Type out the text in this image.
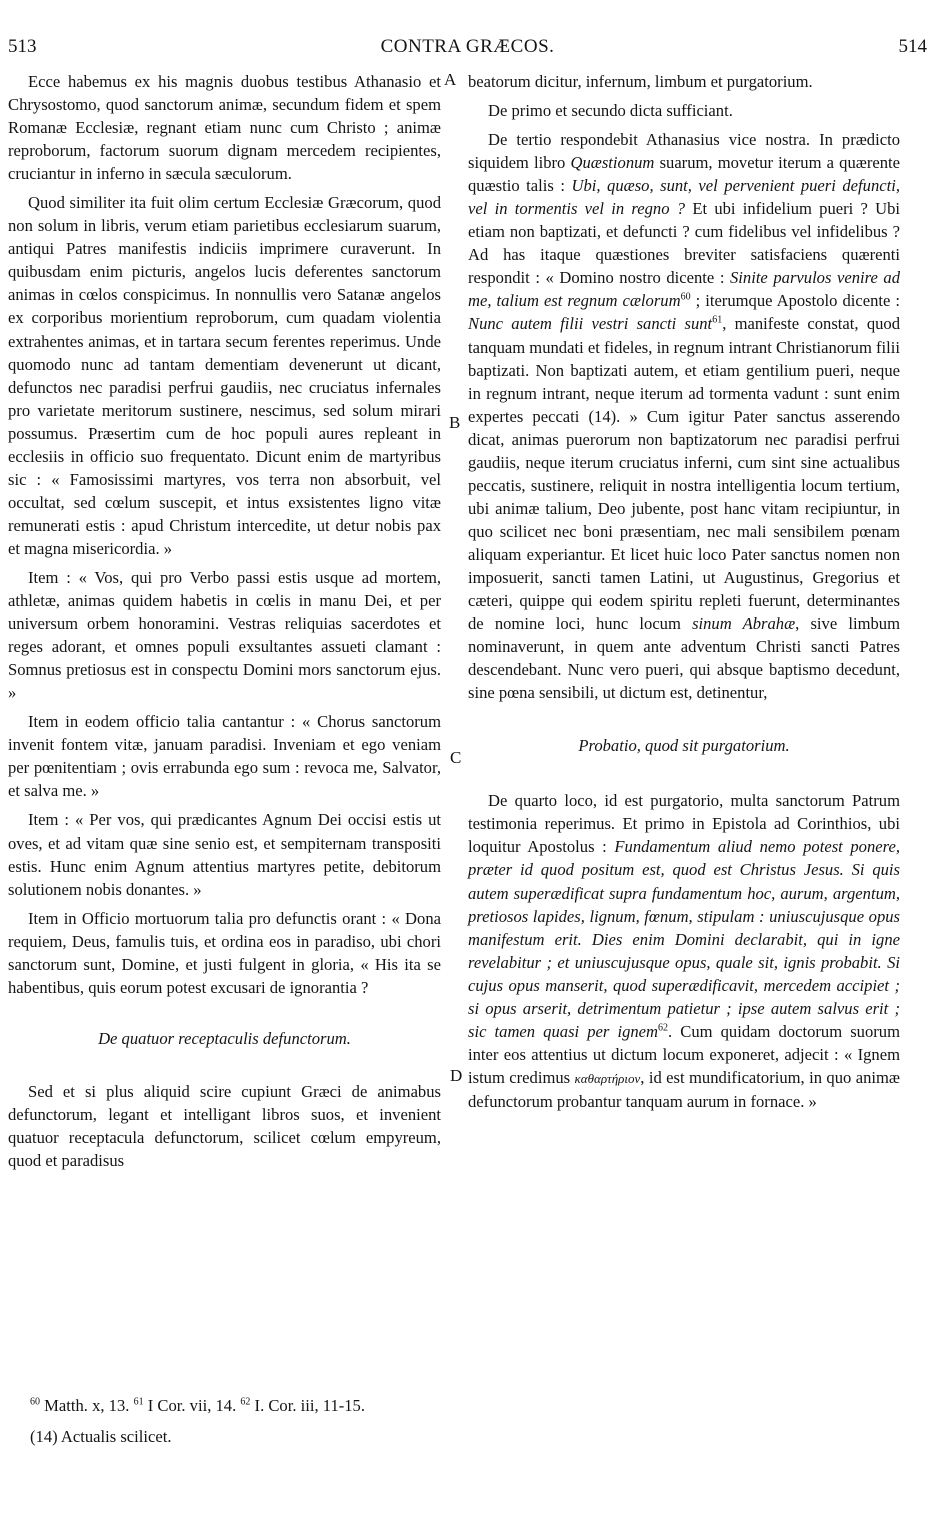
513	CONTRA GRÆCOS.	514

Ecce habemus ex his magnis duobus testibus Athanasio et Chrysostomo, quod sanctorum animæ, secundum fidem et spem Romanæ Ecclesiæ, regnant etiam nunc cum Christo ; animæ reproborum, factorum suorum dignam mercedem recipientes, cruciantur in inferno in sæcula sæculorum.

Quod similiter ita fuit olim certum Ecclesiæ Græcorum, quod non solum in libris, verum etiam parietibus ecclesiarum suarum, antiqui Patres manifestis indiciis imprimere curaverunt. In quibusdam enim picturis, angelos lucis deferentes sanctorum animas in cœlos conspicimus. In nonnullis vero Satanæ angelos ex corporibus morientium reproborum, cum quadam violentia extrahentes animas, et in tartara secum ferentes reperimus. Unde quomodo nunc ad tantam dementiam devenerunt ut dicant, defunctos nec paradisi perfrui gaudiis, nec cruciatus infernales pro varietate meritorum sustinere, nescimus, sed solum mirari possumus. Præsertim cum de hoc populi aures repleant in ecclesiis in officio suo frequentato. Dicunt enim de martyribus sic : « Famosissimi martyres, vos terra non absorbuit, vel occultat, sed cœlum suscepit, et intus exsistentes ligno vitæ remunerati estis : apud Christum intercedite, ut detur nobis pax et magna misericordia. »

Item : « Vos, qui pro Verbo passi estis usque ad mortem, athletæ, animas quidem habetis in cœlis in manu Dei, et per universum orbem honoramini. Vestras reliquias sacerdotes et reges adorant, et omnes populi exsultantes assueti clamant : Somnus pretiosus est in conspectu Domini mors sanctorum ejus. »

Item in eodem officio talia cantantur : « Chorus sanctorum invenit fontem vitæ, januam paradisi. Inveniam et ego veniam per pœnitentiam ; ovis errabunda ego sum : revoca me, Salvator, et salva me. »

Item : « Per vos, qui prædicantes Agnum Dei occisi estis ut oves, et ad vitam quæ sine senio est, et sempiternam transpositi estis. Hunc enim Agnum attentius martyres petite, debitorum solutionem nobis donantes. »

Item in Officio mortuorum talia pro defunctis orant : « Dona requiem, Deus, famulis tuis, et ordina eos in paradiso, ubi chori sanctorum sunt, Domine, et justi fulgent in gloria, « His ita se habentibus, quis eorum potest excusari de ignorantia ?

De quatuor receptaculis defunctorum.

Sed et si plus aliquid scire cupiunt Græci de animabus defunctorum, legant et intelligant libros suos, et invenient quatuor receptacula defunctorum, scilicet cœlum empyreum, quod et paradisus

A
B
C
D

beatorum dicitur, infernum, limbum et purgatorium.

De primo et secundo dicta sufficiant.

De tertio respondebit Athanasius vice nostra. In prædicto siquidem libro Quæstionum suarum, movetur iterum a quærente quæstio talis : Ubi, quæso, sunt, vel pervenient pueri defuncti, vel in tormentis vel in regno ? Et ubi infidelium pueri ? Ubi etiam non baptizati, et defuncti ? cum fidelibus vel infidelibus ? Ad has itaque quæstiones breviter satisfaciens quærenti respondit : « Domino nostro dicente : Sinite parvulos venire ad me, talium est regnum cælorum$^{60}$ ; iterumque Apostolo dicente : Nunc autem filii vestri sancti sunt$^{61}$, manifeste constat, quod tanquam mundati et fideles, in regnum intrant Christianorum filii baptizati. Non baptizati autem, et etiam gentilium pueri, neque in regnum intrant, neque iterum ad tormenta vadunt : sunt enim expertes peccati (14). » Cum igitur Pater sanctus asserendo dicat, animas puerorum non baptizatorum nec paradisi perfrui gaudiis, neque iterum cruciatus inferni, cum sint sine actualibus peccatis, sustinere, reliquit in nostra intelligentia locum tertium, ubi animæ talium, Deo jubente, post hanc vitam recipiuntur, in quo scilicet nec boni præsentiam, nec mali sensibilem pœnam aliquam experiantur. Et licet huic loco Pater sanctus nomen non imposuerit, sancti tamen Latini, ut Augustinus, Gregorius et cæteri, quippe qui eodem spiritu repleti fuerunt, determinantes de nomine loci, hunc locum sinum Abrahæ, sive limbum nominaverunt, in quem ante adventum Christi sancti Patres descendebant. Nunc vero pueri, qui absque baptismo decedunt, sine pœna sensibili, ut dictum est, detinentur,

Probatio, quod sit purgatorium.

De quarto loco, id est purgatorio, multa sanctorum Patrum testimonia reperimus. Et primo in Epistola ad Corinthios, ubi loquitur Apostolus : Fundamentum aliud nemo potest ponere, præter id quod positum est, quod est Christus Jesus. Si quis autem superædificat supra fundamentum hoc, aurum, argentum, pretiosos lapides, lignum, fœnum, stipulam : uniuscujusque opus manifestum erit. Dies enim Domini declarabit, qui in igne revelabitur ; et uniuscujusque opus, quale sit, ignis probabit. Si cujus opus manserit, quod superædificavit, mercedem accipiet ; si opus arserit, detrimentum patietur ; ipse autem salvus erit ; sic tamen quasi per ignem$^{62}$. Cum quidam doctorum suorum inter eos attentius ut dictum locum exponeret, adjecit : « Ignem istum credimus καθαρτήριον, id est mundificatorium, in quo animæ defunctorum probantur tanquam aurum in fornace. »

$^{60}$ Matth. x, 13. $^{61}$ I Cor. vii, 14. $^{62}$ I. Cor. iii, 11-15.
(14) Actualis scilicet.
